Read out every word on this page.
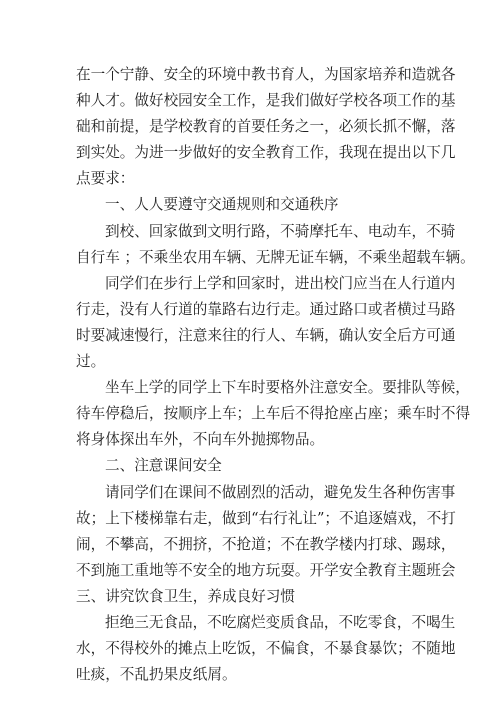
在一个宁静、安全的环境中教书育人，为国家培养和造就各
种人才。做好校园安全工作，是我们做好学校各项工作的基
础和前提，是学校教育的首要任务之一，必须长抓不懈，落
到实处。为进一步做好的安全教育工作，我现在提出以下几
点要求：
一、人人要遵守交通规则和交通秩序
到校、回家做到文明行路，不骑摩托车、电动车，不骑
自行车 ；不乘坐农用车辆、无牌无证车辆，不乘坐超载车辆。
同学们在步行上学和回家时，进出校门应当在人行道内
行走，没有人行道的靠路右边行走。通过路口或者横过马路
时要减速慢行，注意来往的行人、车辆，确认安全后方可通
过。
坐车上学的同学上下车时要格外注意安全。要排队等候，
待车停稳后，按顺序上车；上车后不得抢座占座；乘车时不得
将身体探出车外，不向车外抛掷物品。
二、注意课间安全
请同学们在课间不做剧烈的活动，避免发生各种伤害事
故；上下楼梯靠右走，做到“右行礼让”；不追逐嬉戏，不打
闹，不攀高，不拥挤，不抢道；不在教学楼内打球、踢球，
不到施工重地等不安全的地方玩耍。开学安全教育主题班会
三、讲究饮食卫生，养成良好习惯
拒绝三无食品，不吃腐烂变质食品，不吃零食，不喝生
水，不得校外的摊点上吃饭，不偏食，不暴食暴饮；不随地
吐痰，不乱扔果皮纸屑。
